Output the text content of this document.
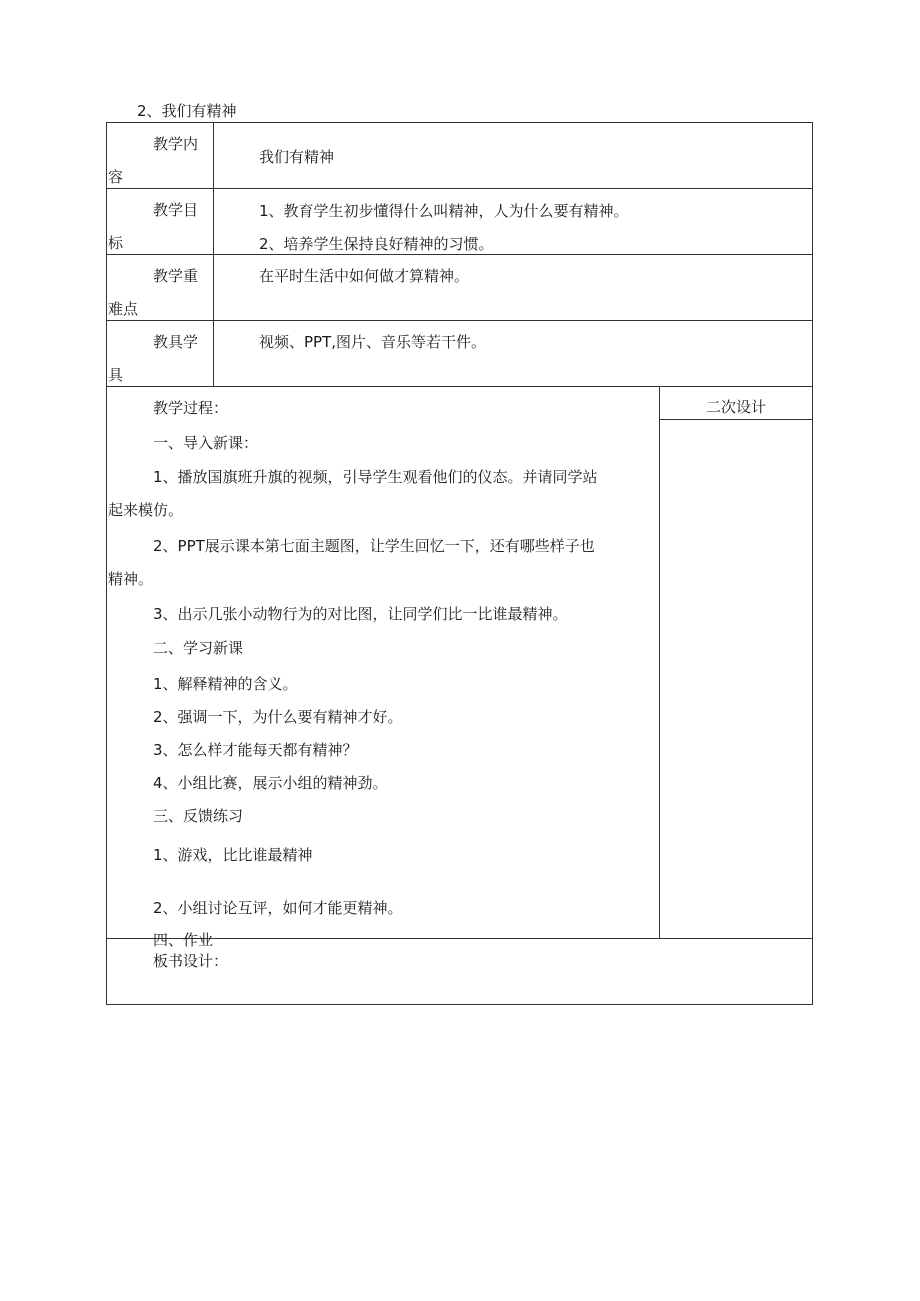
2、我们有精神
教学内
容
我们有精神
教学目
标
1、教育学生初步懂得什么叫精神，人为什么要有精神。
2、培养学生保持良好精神的习惯。
教学重
难点
在平时生活中如何做才算精神。
教具学
具
视频、PPT,图片、音乐等若干件。
教学过程：
一、导入新课：
1、播放国旗班升旗的视频，引导学生观看他们的仪态。并请同学站
起来模仿。
2、PPT展示课本第七面主题图，让学生回忆一下，还有哪些样子也
精神。
3、出示几张小动物行为的对比图，让同学们比一比谁最精神。
二、学习新课
1、解释精神的含义。
2、强调一下，为什么要有精神才好。
3、怎么样才能每天都有精神？
4、小组比赛，展示小组的精神劲。
三、反馈练习
1、游戏，比比谁最精神
2、小组讨论互评，如何才能更精神。
四、作业
二次设计
板书设计：
